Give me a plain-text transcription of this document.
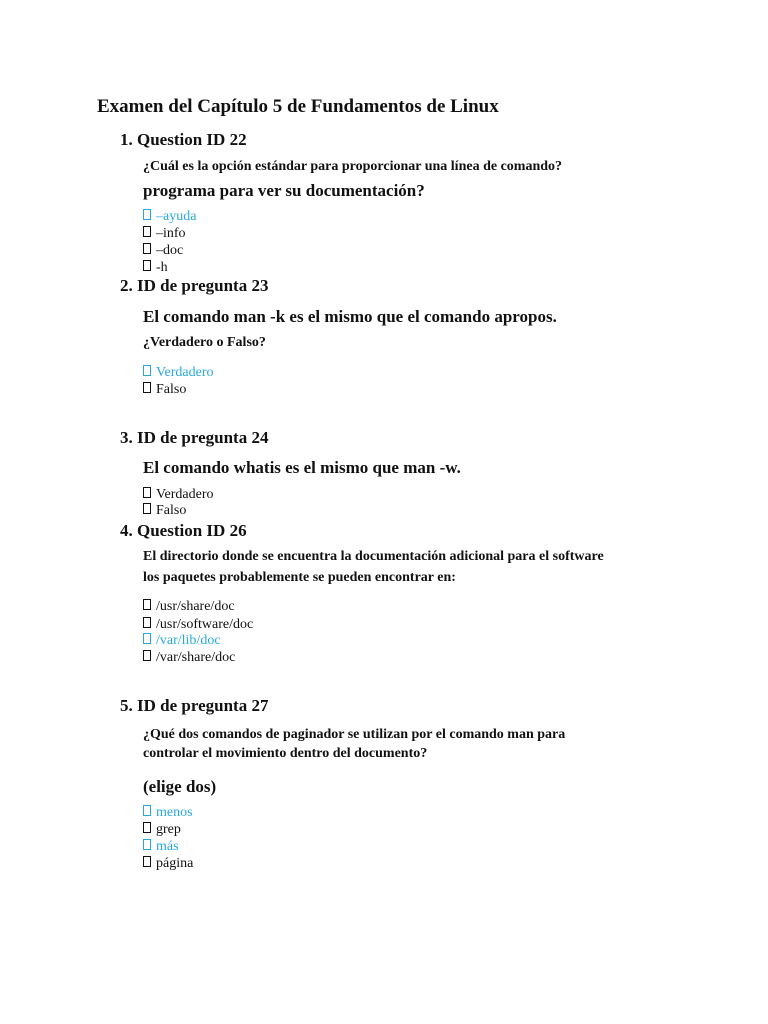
Examen del Capítulo 5 de Fundamentos de Linux
1. Question ID 22
¿Cuál es la opción estándar para proporcionar una línea de comando?
programa para ver su documentación?
–ayuda
–info
–doc
-h
2. ID de pregunta 23
El comando man -k es el mismo que el comando apropos.
¿Verdadero o Falso?
Verdadero
Falso
3. ID de pregunta 24
El comando whatis es el mismo que man -w.
Verdadero
Falso
4. Question ID 26
El directorio donde se encuentra la documentación adicional para el software
los paquetes probablemente se pueden encontrar en:
/usr/share/doc
/usr/software/doc
/var/lib/doc
/var/share/doc
5. ID de pregunta 27
¿Qué dos comandos de paginador se utilizan por el comando man para
controlar el movimiento dentro del documento?
(elige dos)
menos
grep
más
página
